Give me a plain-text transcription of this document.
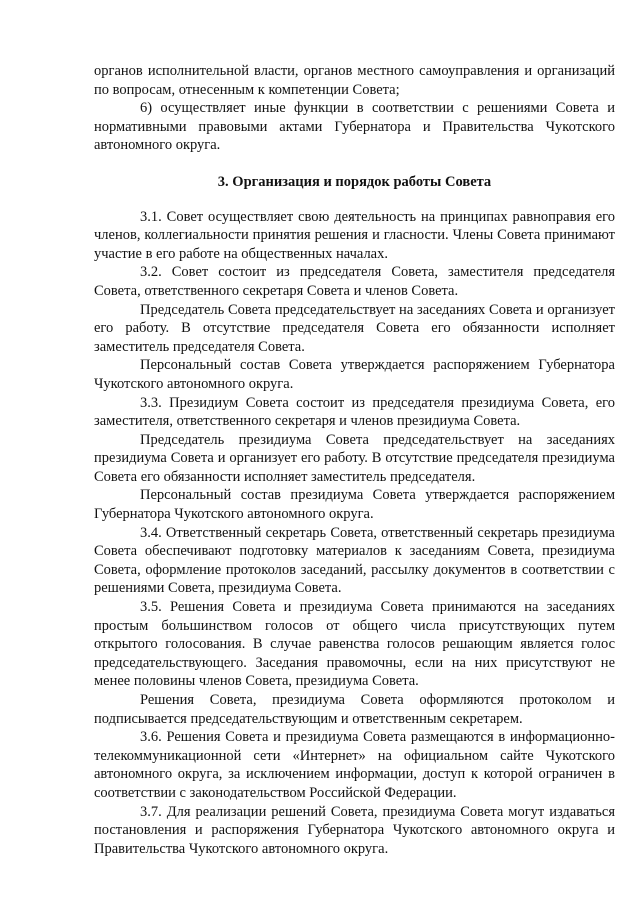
органов исполнительной власти, органов местного самоуправления и организаций по вопросам, отнесенным к компетенции Совета;

6) осуществляет иные функции в соответствии с решениями Совета и нормативными правовыми актами Губернатора и Правительства Чукотского автономного округа.

3. Организация и порядок работы Совета

3.1. Совет осуществляет свою деятельность на принципах равноправия его членов, коллегиальности принятия решения и гласности. Члены Совета принимают участие в его работе на общественных началах.

3.2. Совет состоит из председателя Совета, заместителя председателя Совета, ответственного секретаря Совета и членов Совета.

Председатель Совета председательствует на заседаниях Совета и организует его работу. В отсутствие председателя Совета его обязанности исполняет заместитель председателя Совета.

Персональный состав Совета утверждается распоряжением Губернатора Чукотского автономного округа.

3.3. Президиум Совета состоит из председателя президиума Совета, его заместителя, ответственного секретаря и членов президиума Совета.

Председатель президиума Совета председательствует на заседаниях президиума Совета и организует его работу. В отсутствие председателя президиума Совета его обязанности исполняет заместитель председателя.

Персональный состав президиума Совета утверждается распоряжением Губернатора Чукотского автономного округа.

3.4. Ответственный секретарь Совета, ответственный секретарь президиума Совета обеспечивают подготовку материалов к заседаниям Совета, президиума Совета, оформление протоколов заседаний, рассылку документов в соответствии с решениями Совета, президиума Совета.

3.5. Решения Совета и президиума Совета принимаются на заседаниях простым большинством голосов от общего числа присутствующих путем открытого голосования. В случае равенства голосов решающим является голос председательствующего. Заседания правомочны, если на них присутствуют не менее половины членов Совета, президиума Совета.

Решения Совета, президиума Совета оформляются протоколом и подписывается председательствующим и ответственным секретарем.

3.6. Решения Совета и президиума Совета размещаются в информационно-телекоммуникационной сети «Интернет» на официальном сайте Чукотского автономного округа, за исключением информации, доступ к которой ограничен в соответствии с законодательством Российской Федерации.

3.7. Для реализации решений Совета, президиума Совета могут издаваться постановления и распоряжения Губернатора Чукотского автономного округа и Правительства Чукотского автономного округа.
